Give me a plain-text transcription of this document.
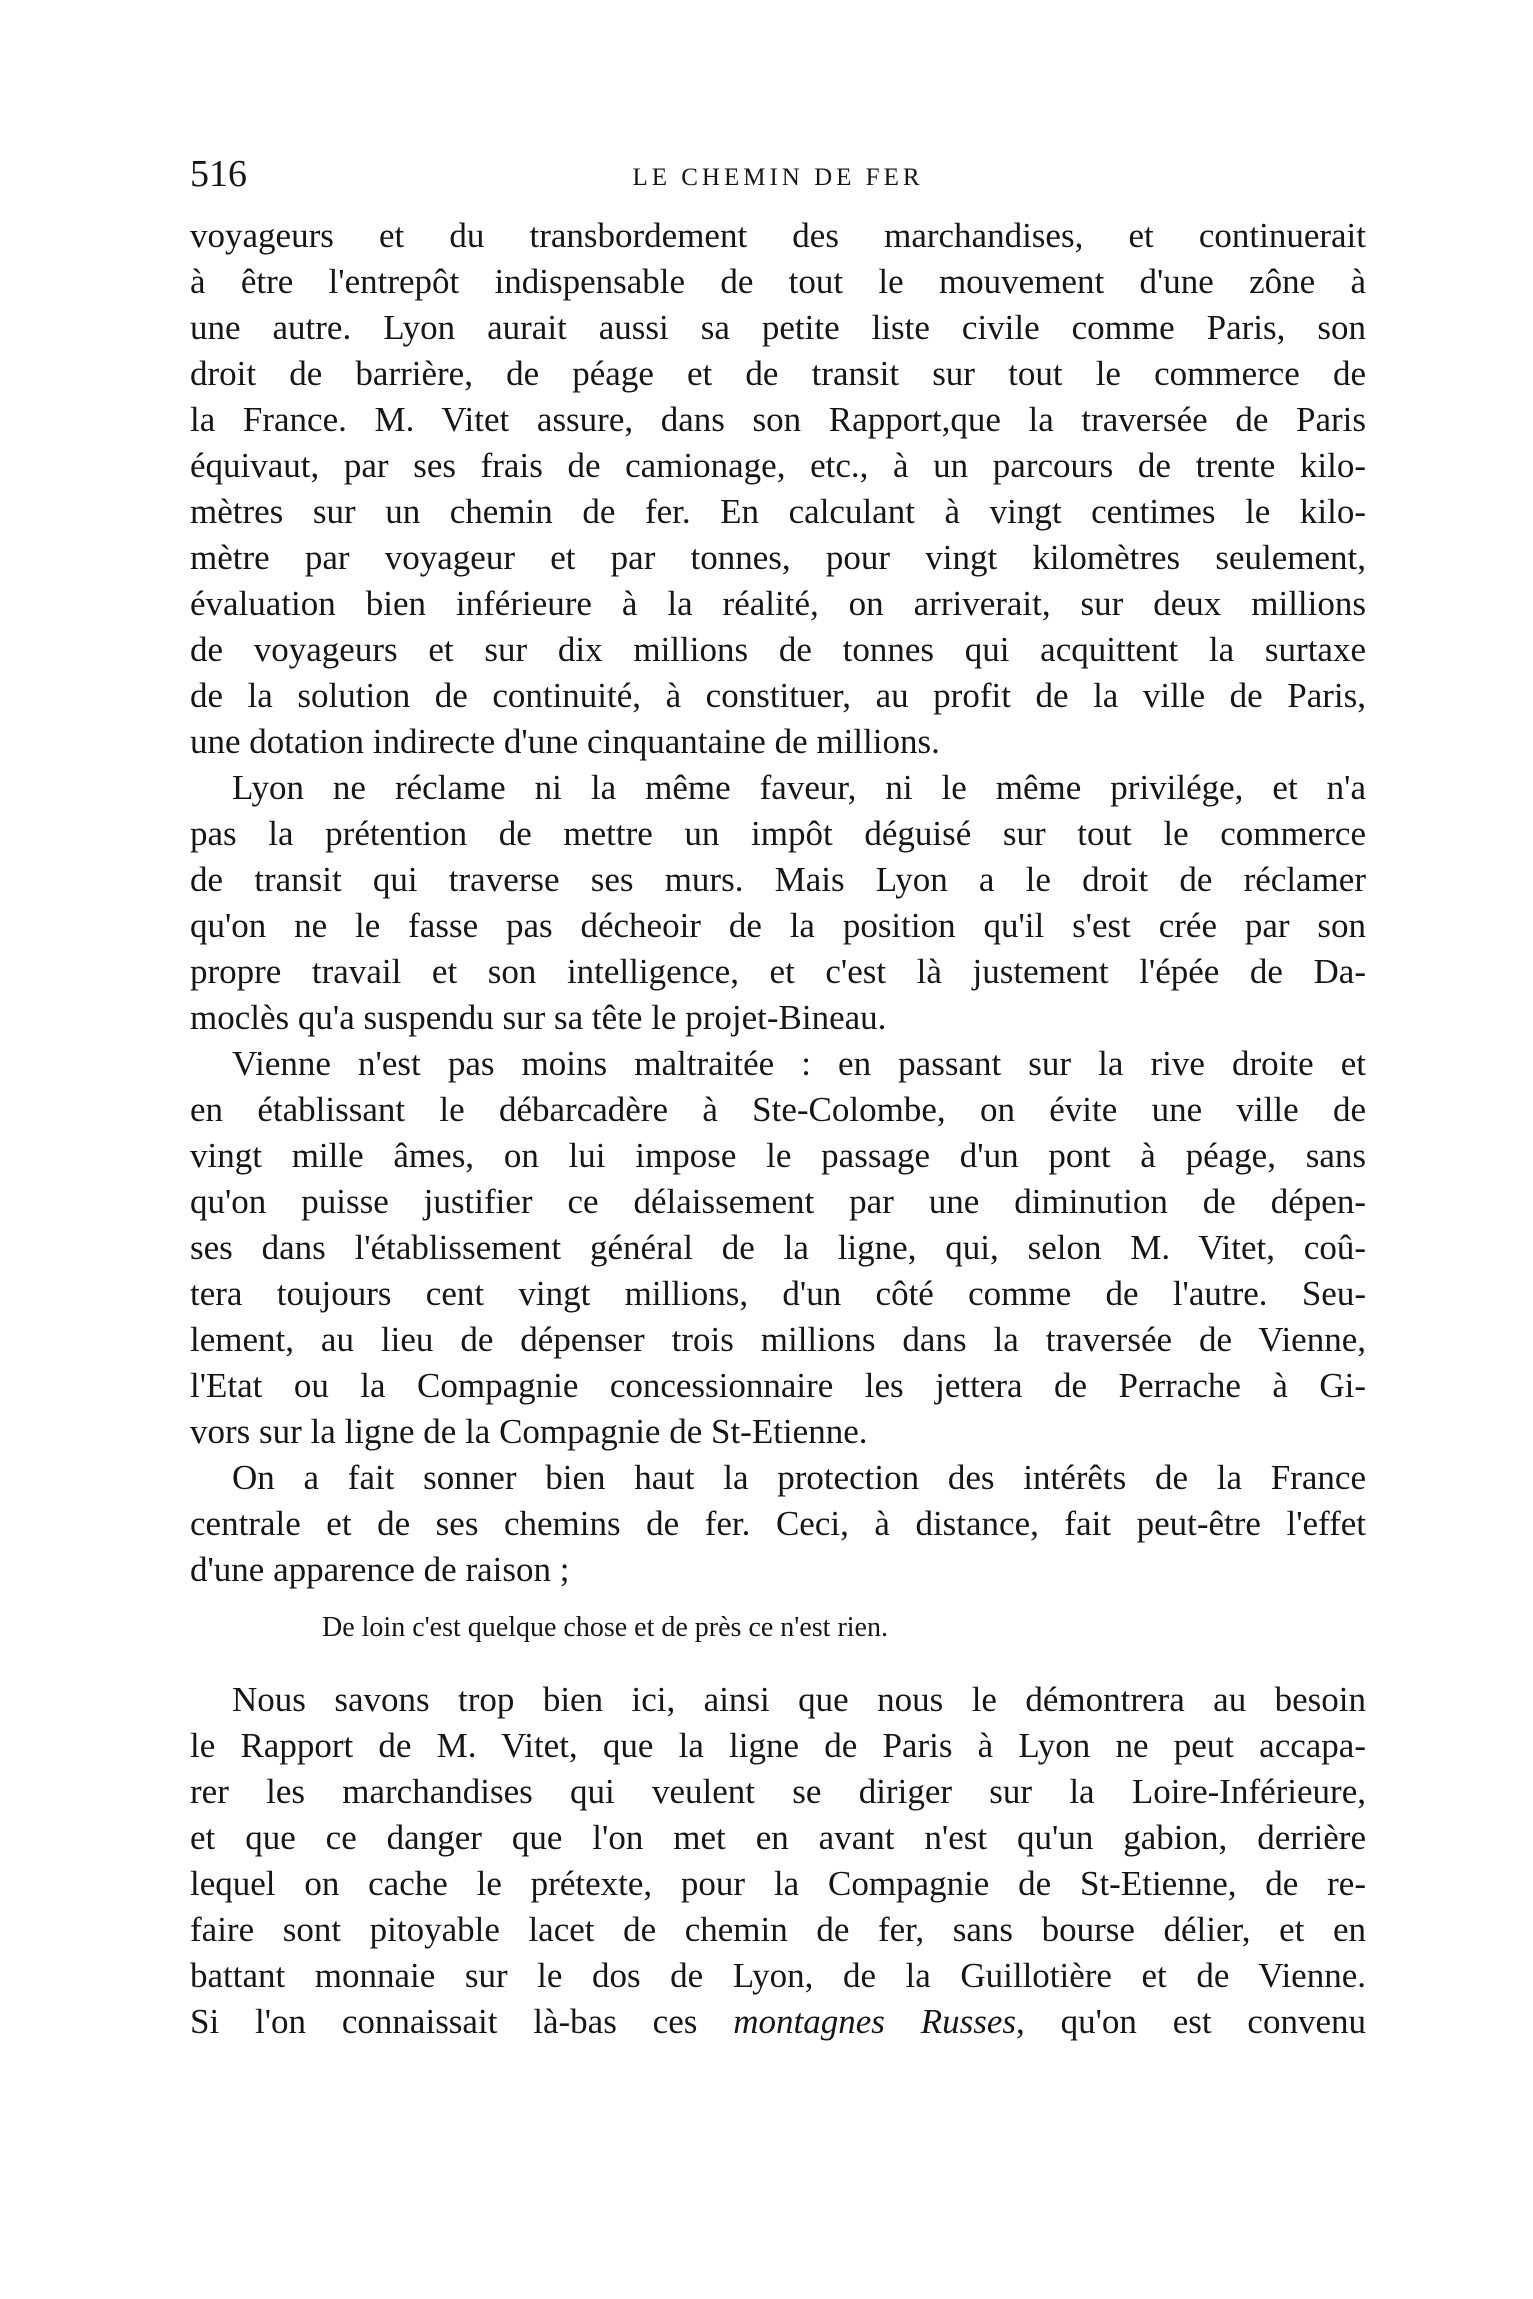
516	LE CHEMIN DE FER
voyageurs et du transbordement des marchandises, et continuerait
à être l'entrepôt indispensable de tout le mouvement d'une zône à
une autre. Lyon aurait aussi sa petite liste civile comme Paris, son
droit de barrière, de péage et de transit sur tout le commerce de
la France. M. Vitet assure, dans son Rapport,que la traversée de Paris
équivaut, par ses frais de camionage, etc., à un parcours de trente kilo-
mètres sur un chemin de fer. En calculant à vingt centimes le kilo-
mètre par voyageur et par tonnes, pour vingt kilomètres seulement,
évaluation bien inférieure à la réalité, on arriverait, sur deux millions
de voyageurs et sur dix millions de tonnes qui acquittent la surtaxe
de la solution de continuité, à constituer, au profit de la ville de Paris,
une dotation indirecte d'une cinquantaine de millions.
Lyon ne réclame ni la même faveur, ni le même privilége, et n'a
pas la prétention de mettre un impôt déguisé sur tout le commerce
de transit qui traverse ses murs. Mais Lyon a le droit de réclamer
qu'on ne le fasse pas décheoir de la position qu'il s'est crée par son
propre travail et son intelligence, et c'est là justement l'épée de Da-
moclès qu'a suspendu sur sa tête le projet-Bineau.
Vienne n'est pas moins maltraitée : en passant sur la rive droite et
en établissant le débarcadère à Ste-Colombe, on évite une ville de
vingt mille âmes, on lui impose le passage d'un pont à péage, sans
qu'on puisse justifier ce délaissement par une diminution de dépen-
ses dans l'établissement général de la ligne, qui, selon M. Vitet, coû-
tera toujours cent vingt millions, d'un côté comme de l'autre. Seu-
lement, au lieu de dépenser trois millions dans la traversée de Vienne,
l'Etat ou la Compagnie concessionnaire les jettera de Perrache à Gi-
vors sur la ligne de la Compagnie de St-Etienne.
On a fait sonner bien haut la protection des intérêts de la France
centrale et de ses chemins de fer. Ceci, à distance, fait peut-être l'effet
d'une apparence de raison ;
De loin c'est quelque chose et de près ce n'est rien.
Nous savons trop bien ici, ainsi que nous le démontrera au besoin
le Rapport de M. Vitet, que la ligne de Paris à Lyon ne peut accapa-
rer les marchandises qui veulent se diriger sur la Loire-Inférieure,
et que ce danger que l'on met en avant n'est qu'un gabion, derrière
lequel on cache le prétexte, pour la Compagnie de St-Etienne, de re-
faire sont pitoyable lacet de chemin de fer, sans bourse délier, et en
battant monnaie sur le dos de Lyon, de la Guillotière et de Vienne.
Si l'on connaissait là-bas ces montagnes Russes, qu'on est convenu
